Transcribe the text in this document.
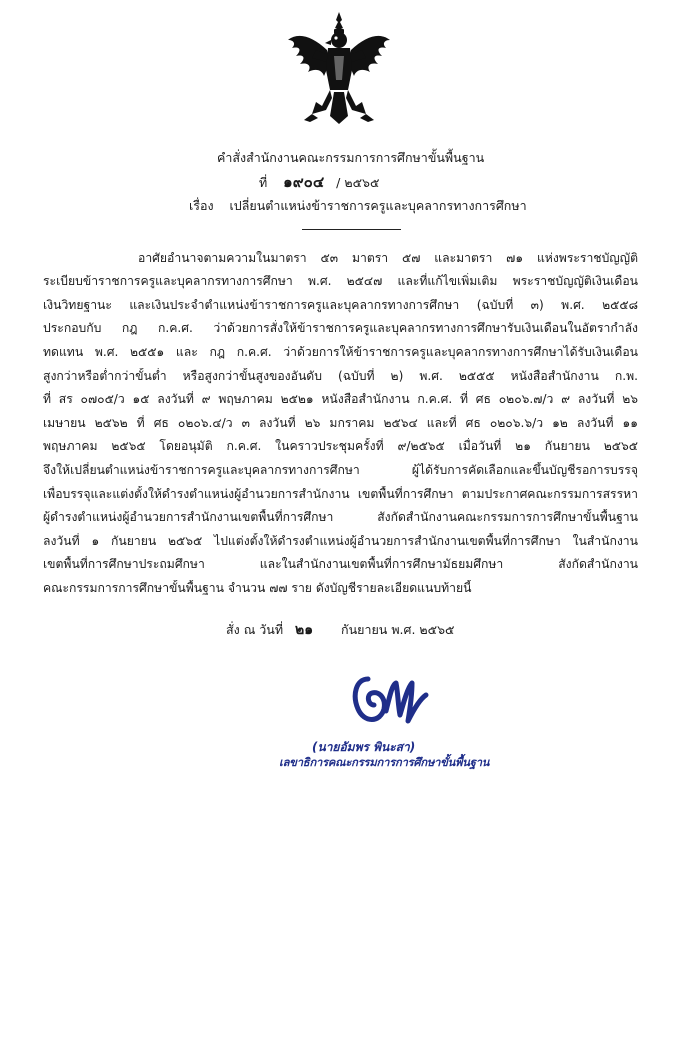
คำสั่งสำนักงานคณะกรรมการการศึกษาขั้นพื้นฐาน
ที่ ๑๙๐๔ / ๒๕๖๕
เรื่อง เปลี่ยนตำแหน่งข้าราชการครูและบุคลากรทางการศึกษา
อาศัยอำนาจตามความในมาตรา ๕๓ มาตรา ๕๗ และมาตรา ๗๑ แห่งพระราชบัญญัติ
ระเบียบข้าราชการครูและบุคลากรทางการศึกษา พ.ศ. ๒๕๔๗ และที่แก้ไขเพิ่มเติม พระราชบัญญัติเงินเดือน
เงินวิทยฐานะ และเงินประจำตำแหน่งข้าราชการครูและบุคลากรทางการศึกษา (ฉบับที่ ๓) พ.ศ. ๒๕๕๘
ประกอบกับ กฎ ก.ค.ศ. ว่าด้วยการสั่งให้ข้าราชการครูและบุคลากรทางการศึกษารับเงินเดือนในอัตรากำลัง
ทดแทน พ.ศ. ๒๕๕๑ และ กฎ ก.ค.ศ. ว่าด้วยการให้ข้าราชการครูและบุคลากรทางการศึกษาได้รับเงินเดือน
สูงกว่าหรือต่ำกว่าขั้นต่ำ หรือสูงกว่าขั้นสูงของอันดับ (ฉบับที่ ๒) พ.ศ. ๒๕๕๕ หนังสือสำนักงาน ก.พ.
ที่ สร ๐๗๐๕/ว ๑๕ ลงวันที่ ๙ พฤษภาคม ๒๕๒๑ หนังสือสำนักงาน ก.ค.ศ. ที่ ศธ ๐๒๐๖.๗/ว ๙ ลงวันที่ ๒๖
เมษายน ๒๕๖๒ ที่ ศธ ๐๒๐๖.๔/ว ๓ ลงวันที่ ๒๖ มกราคม ๒๕๖๔ และที่ ศธ ๐๒๐๖.๖/ว ๑๒ ลงวันที่ ๑๑
พฤษภาคม ๒๕๖๕ โดยอนุมัติ ก.ค.ศ. ในคราวประชุมครั้งที่ ๙/๒๕๖๕ เมื่อวันที่ ๒๑ กันยายน ๒๕๖๕
จึงให้เปลี่ยนตำแหน่งข้าราชการครูและบุคลากรทางการศึกษา ผู้ได้รับการคัดเลือกและขึ้นบัญชีรอการบรรจุ
เพื่อบรรจุและแต่งตั้งให้ดำรงตำแหน่งผู้อำนวยการสำนักงาน เขตพื้นที่การศึกษา ตามประกาศคณะกรรมการสรรหา
ผู้ดำรงตำแหน่งผู้อำนวยการสำนักงานเขตพื้นที่การศึกษา สังกัดสำนักงานคณะกรรมการการศึกษาขั้นพื้นฐาน
ลงวันที่ ๑ กันยายน ๒๕๖๕ ไปแต่งตั้งให้ดำรงตำแหน่งผู้อำนวยการสำนักงานเขตพื้นที่การศึกษา ในสำนักงาน
เขตพื้นที่การศึกษาประถมศึกษา และในสำนักงานเขตพื้นที่การศึกษามัธยมศึกษา สังกัดสำนักงาน
คณะกรรมการการศึกษาขั้นพื้นฐาน จำนวน ๗๗ ราย ดังบัญชีรายละเอียดแนบท้ายนี้
สั่ง ณ วันที่ ๒๑ กันยายน พ.ศ. ๒๕๖๕
(นายอัมพร พินะสา)
เลขาธิการคณะกรรมการการศึกษาขั้นพื้นฐาน
